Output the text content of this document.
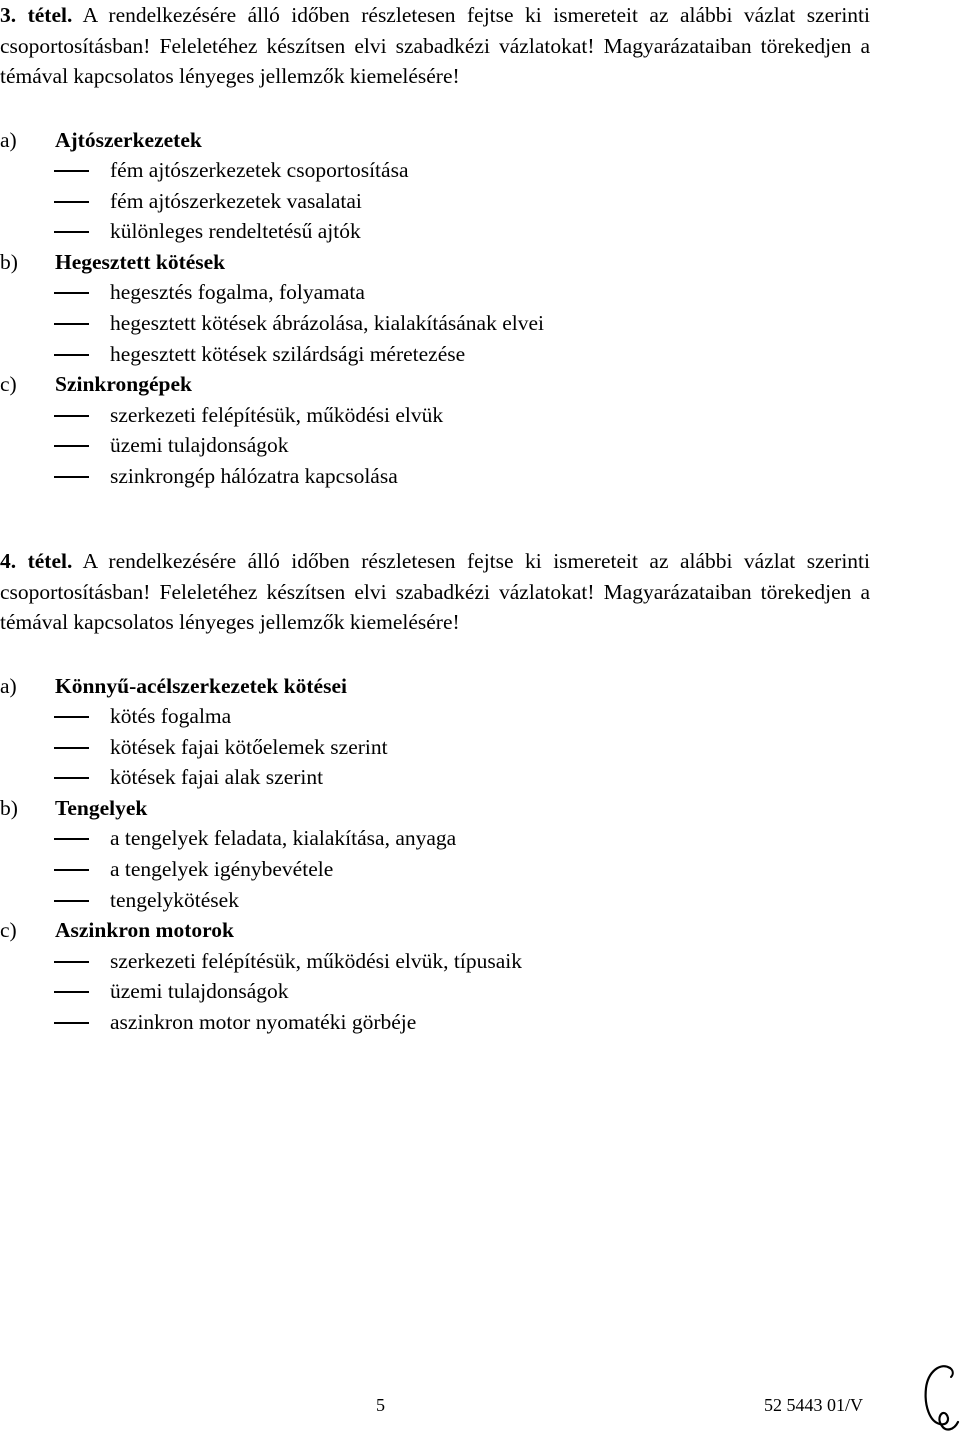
3. tétel. A rendelkezésére álló időben részletesen fejtse ki ismereteit az alábbi vázlat szerinti csoportosításban! Feleletéhez készítsen elvi szabadkézi vázlatokat! Magyarázataiban törekedjen a témával kapcsolatos lényeges jellemzők kiemelésére!

a) Ajtószerkezetek
fém ajtószerkezetek csoportosítása
fém ajtószerkezetek vasalatai
különleges rendeltetésű ajtók
b) Hegesztett kötések
hegesztés fogalma, folyamata
hegesztett kötések ábrázolása, kialakításának elvei
hegesztett kötések szilárdsági méretezése
c) Szinkrongépek
szerkezeti felépítésük, működési elvük
üzemi tulajdonságok
szinkrongép hálózatra kapcsolása

4. tétel. A rendelkezésére álló időben részletesen fejtse ki ismereteit az alábbi vázlat szerinti csoportosításban! Feleletéhez készítsen elvi szabadkézi vázlatokat! Magyarázataiban törekedjen a témával kapcsolatos lényeges jellemzők kiemelésére!

a) Könnyű-acélszerkezetek kötései
kötés fogalma
kötések fajai kötőelemek szerint
kötések fajai alak szerint
b) Tengelyek
a tengelyek feladata, kialakítása, anyaga
a tengelyek igénybevétele
tengelykötések
c) Aszinkron motorok
szerkezeti felépítésük, működési elvük, típusaik
üzemi tulajdonságok
aszinkron motor nyomatéki görbéje
5	52 5443 01/V
